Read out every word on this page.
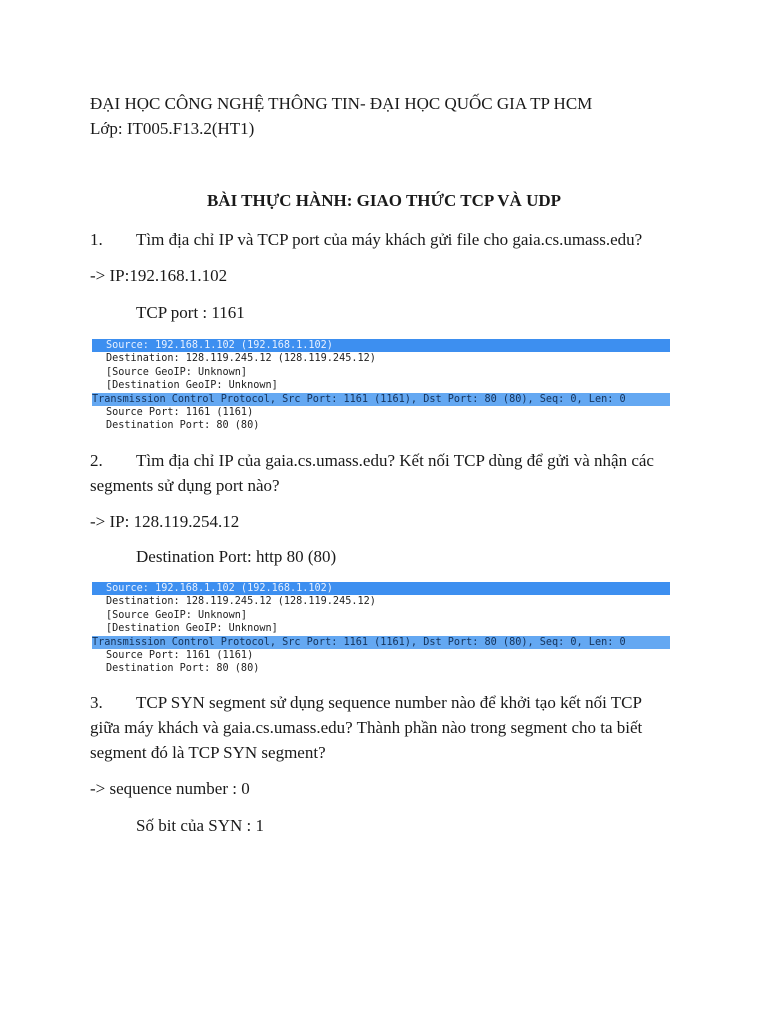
ĐẠI HỌC CÔNG NGHỆ THÔNG TIN- ĐẠI HỌC QUỐC GIA TP HCM
Lớp: IT005.F13.2(HT1)
BÀI THỰC HÀNH: GIAO THỨC TCP VÀ UDP
1. Tìm địa chỉ IP và TCP port của máy khách gửi file cho gaia.cs.umass.edu?
-> IP:192.168.1.102
TCP port : 1161
Source: 192.168.1.102 (192.168.1.102)
Destination: 128.119.245.12 (128.119.245.12)
[Source GeoIP: Unknown]
[Destination GeoIP: Unknown]
Transmission Control Protocol, Src Port: 1161 (1161), Dst Port: 80 (80), Seq: 0, Len: 0
Source Port: 1161 (1161)
Destination Port: 80 (80)
2. Tìm địa chỉ IP của gaia.cs.umass.edu? Kết nối TCP dùng để gửi và nhận các
segments sử dụng port nào?
-> IP: 128.119.254.12
Destination Port: http 80 (80)
Source: 192.168.1.102 (192.168.1.102)
Destination: 128.119.245.12 (128.119.245.12)
[Source GeoIP: Unknown]
[Destination GeoIP: Unknown]
Transmission Control Protocol, Src Port: 1161 (1161), Dst Port: 80 (80), Seq: 0, Len: 0
Source Port: 1161 (1161)
Destination Port: 80 (80)
3. TCP SYN segment sử dụng sequence number nào để khởi tạo kết nối TCP
giữa máy khách và gaia.cs.umass.edu? Thành phần nào trong segment cho ta biết
segment đó là TCP SYN segment?
-> sequence number : 0
Số bit của SYN : 1
